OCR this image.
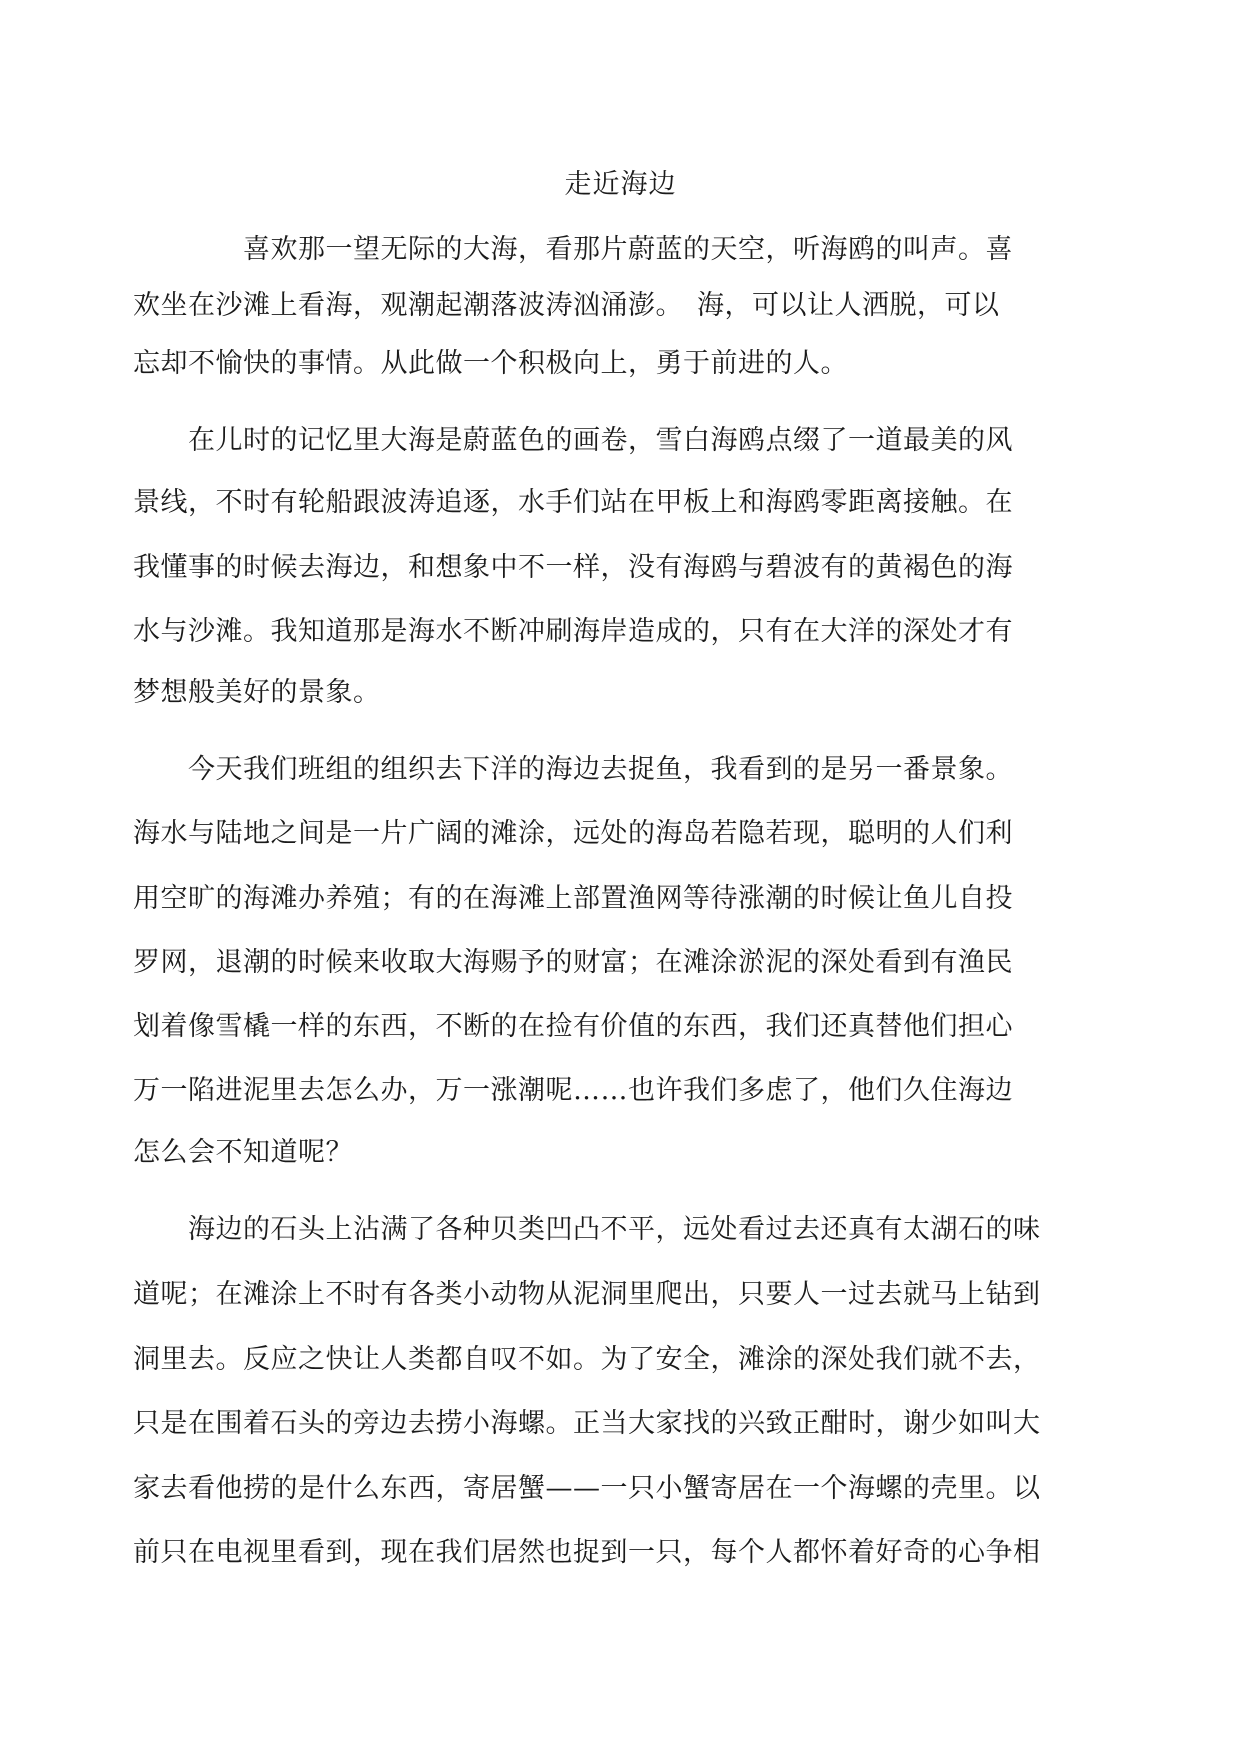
走近海边
喜欢那一望无际的大海，看那片蔚蓝的天空，听海鸥的叫声。喜
欢坐在沙滩上看海，观潮起潮落波涛汹涌澎。　海，可以让人洒脱，可以
忘却不愉快的事情。从此做一个积极向上，勇于前进的人。
在儿时的记忆里大海是蔚蓝色的画卷，雪白海鸥点缀了一道最美的风
景线，不时有轮船跟波涛追逐，水手们站在甲板上和海鸥零距离接触。在
我懂事的时候去海边，和想象中不一样，没有海鸥与碧波有的黄褐色的海
水与沙滩。我知道那是海水不断冲刷海岸造成的，只有在大洋的深处才有
梦想般美好的景象。
今天我们班组的组织去下洋的海边去捉鱼，我看到的是另一番景象。
海水与陆地之间是一片广阔的滩涂，远处的海岛若隐若现，聪明的人们利
用空旷的海滩办养殖；有的在海滩上部置渔网等待涨潮的时候让鱼儿自投
罗网，退潮的时候来收取大海赐予的财富；在滩涂淤泥的深处看到有渔民
划着像雪橇一样的东西，不断的在捡有价值的东西，我们还真替他们担心
万一陷进泥里去怎么办，万一涨潮呢……也许我们多虑了，他们久住海边
怎么会不知道呢？
海边的石头上沾满了各种贝类凹凸不平，远处看过去还真有太湖石的味
道呢；在滩涂上不时有各类小动物从泥洞里爬出，只要人一过去就马上钻到
洞里去。反应之快让人类都自叹不如。为了安全，滩涂的深处我们就不去，
只是在围着石头的旁边去捞小海螺。正当大家找的兴致正酣时，谢少如叫大
家去看他捞的是什么东西，寄居蟹——一只小蟹寄居在一个海螺的壳里。以
前只在电视里看到，现在我们居然也捉到一只，每个人都怀着好奇的心争相
